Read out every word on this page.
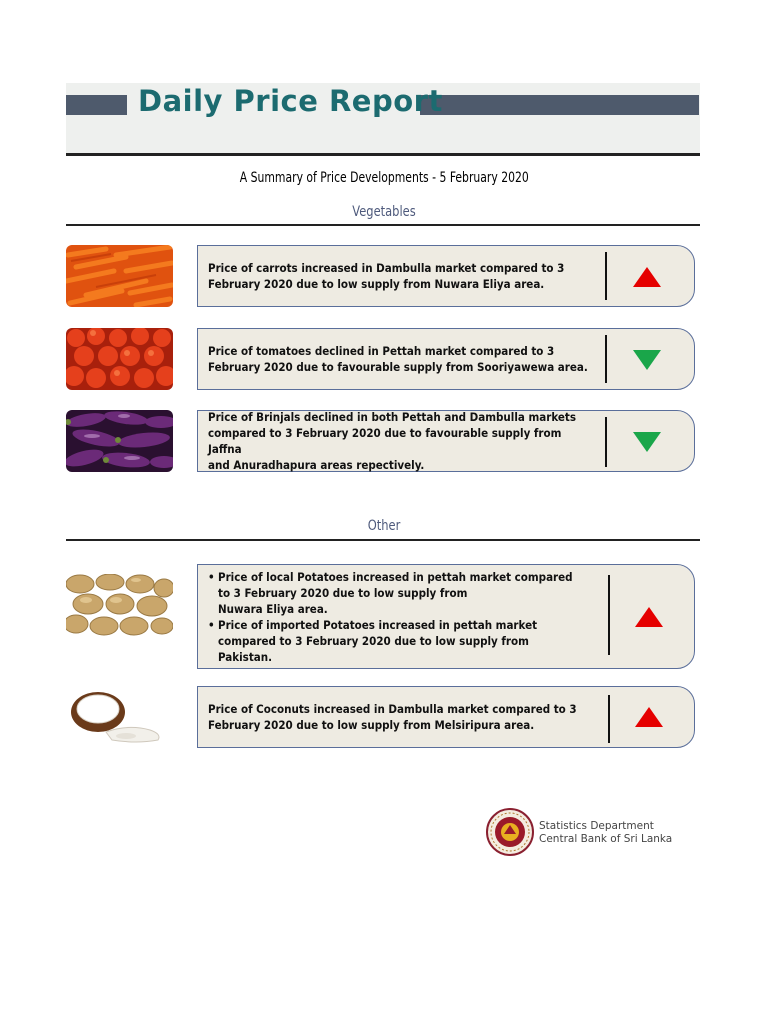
Daily Price Report
A Summary of Price Developments - 5 February 2020
Vegetables
Price of carrots increased in Dambulla market compared to 3
February 2020 due to low supply from Nuwara Eliya area.
Price of tomatoes declined in Pettah market compared to 3
February 2020 due to favourable supply from Sooriyawewa area.
Price of Brinjals declined in both Pettah and Dambulla markets
compared to 3 February 2020 due to favourable supply from Jaffna
and Anuradhapura areas repectively.
Other
• Price of local Potatoes increased in pettah market compared
to 3 February 2020 due to low supply from
Nuwara Eliya area.
• Price of imported Potatoes increased in pettah market
compared to 3 February 2020 due to low supply from
Pakistan.
Price of Coconuts increased in Dambulla market compared to 3
February 2020 due to low supply from Melsiripura area.
Statistics Department
Central Bank of Sri Lanka
